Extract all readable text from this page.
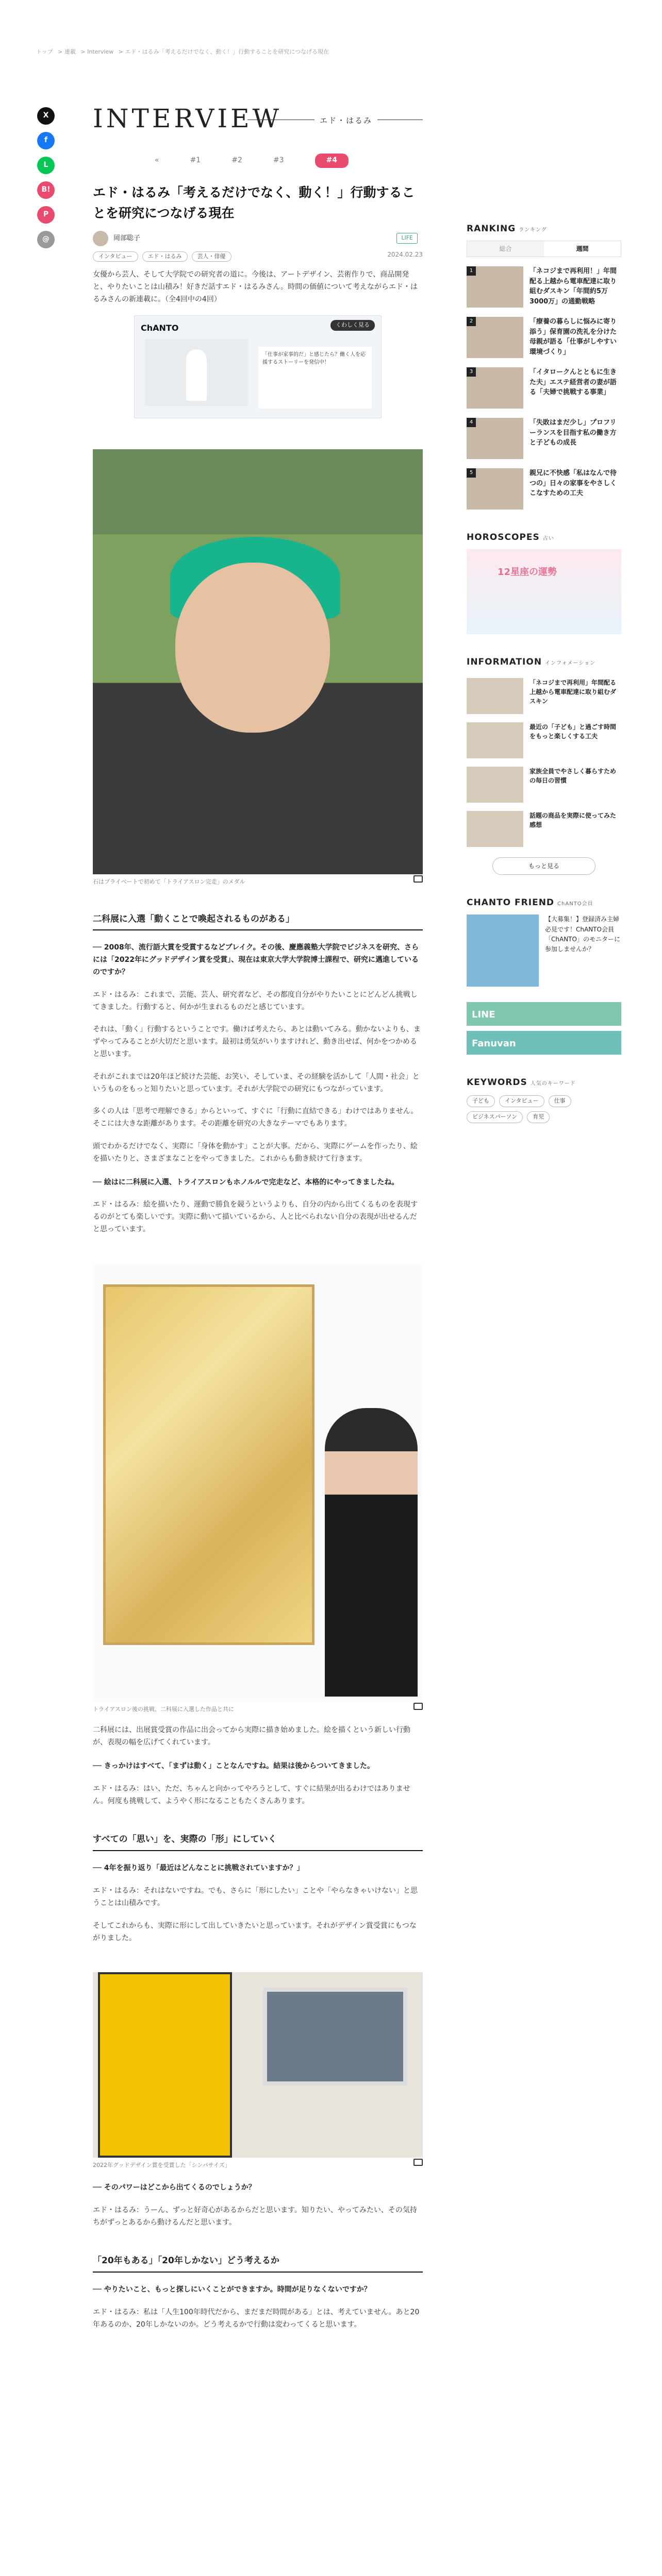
トップ > 連載 > Interview > エド・はるみ「考えるだけでなく、動く！」行動することを研究につなげる現在
X
f
L
B!
P
@
INTERVIEW	エド・はるみ
«	#1	#2	#3	#4
エド・はるみ「考えるだけでなく、動く！」行動することを研究につなげる現在
岡部聡子	LIFE
インタビュー	エド・はるみ	芸人・俳優	2024.02.23

女優から芸人、そして大学院での研究者の道に。今後は、アートデザイン、芸術作りで、商品開発と、やりたいことは山積み！好きだ話すエド・はるみさん。時間の価値について考えながらエド・はるみさんの新連載に。（全4回中の4回）

ChANTO	くわしく見る
「仕事が家事的だ」と感じたら？働く人を応援するストーリーを発信中！
石はプライベートで初めて「トライアスロン完走」のメダル
二科展に入選「動くことで喚起されるものがある」

── 2008年、流行語大賞を受賞するなどブレイク。その後、慶應義塾大学院でビジネスを研究、さらには「2022年にグッドデザイン賞を受賞」、現在は東京大学大学院博士課程で、研究に邁進しているのですか？

エド・はるみ：これまで、芸能、芸人、研究者など、その都度自分がやりたいことにどんどん挑戦してきました。行動すると、何かが生まれるものだと感じています。

それは、「動く」行動するということです。働けば考えたら、あとは動いてみる。動かないよりも、まずやってみることが大切だと思います。最初は勇気がいりますけれど、動き出せば、何かをつかめると思います。

それがこれまでは20年ほど続けた芸能、お笑い、そしていま、その経験を活かして「人間・社会」というものをもっと知りたいと思っています。それが大学院での研究にもつながっています。

多くの人は「思考で理解できる」からといって、すぐに「行動に直結できる」わけではありません。そこには大きな距離があります。その距離を研究の大きなテーマでもあります。

頭でわかるだけでなく、実際に「身体を動かす」ことが大事。だから、実際にゲームを作ったり、絵を描いたりと、さまざまなことをやってきました。これからも動き続けて行きます。

── 絵はに二科展に入選、トライアスロンもホノルルで完走など、本格的にやってきましたね。

エド・はるみ：絵を描いたり、運動で勝負を競うというよりも、自分の内から出てくるものを表現するのがとても楽しいです。実際に動いて描いているから、人と比べられない自分の表現が出せるんだと思っています。

トライアスロン後の挑戦、二科展に入選した作品と共に

二科展には、出展賞受賞の作品に出会ってから実際に描き始めました。絵を描くという新しい行動が、表現の幅を広げてくれています。

── きっかけはすべて、「まずは動く」ことなんですね。結果は後からついてきました。

エド・はるみ：はい、ただ、ちゃんと向かってやろうとして、すぐに結果が出るわけではありません。何度も挑戦して、ようやく形になることもたくさんあります。

すべての「思い」を、実際の「形」にしていく

── 4年を振り返り「最近はどんなことに挑戦されていますか？」

エド・はるみ：それはないですね。でも、さらに「形にしたい」ことや「やらなきゃいけない」と思うことは山積みです。

そしてこれからも、実際に形にして出していきたいと思っています。それがデザイン賞受賞にもつながりました。

2022年グッドデザイン賞を受賞した「シンパサイズ」

── そのパワーはどこから出てくるのでしょうか？

エド・はるみ：うーん、ずっと好奇心があるからだと思います。知りたい、やってみたい、その気持ちがずっとあるから動けるんだと思います。

「20年もある」「20年しかない」どう考えるか

── やりたいこと、もっと探しにいくことができますか。時間が足りなくないですか？

エド・はるみ：私は「人生100年時代だから、まだまだ時間がある」とは、考えていません。あと20年あるのか、20年しかないのか。どう考えるかで行動は変わってくると思います。

RANKING ランキング
総合	週間
1	「ネコジまで再利用！」年間配る上越から電車配達に取り組むダスキン「年間約5万3000万」の通勤戦略
2	「療養の暮らしに悩みに寄り添う」保育園の洗礼を分けた母親が語る「仕事がしやすい環境づくり」
3	「イタロークんとともに生きた夫」エステ経営者の妻が語る「夫婦で挑戦する事業」
4	「失敗はまだ少し」プロフリーランスを目指す私の働き方と子どもの成長
5	親兄に不快感「私はなんで待つの」日々の家事をやさしくこなすための工夫
HOROSCOPES 占い
12星座の運勢
INFORMATION インフォメーション
「ネコジまで再利用」年間配る上越から電車配達に取り組むダスキン
最近の「子ども」と過ごす時間をもっと楽しくする工夫
家族全員でやさしく暮らすための毎日の習慣
話題の商品を実際に使ってみた感想
もっと見る
CHANTO FRIEND ChANTO会員
【大募集！】登録済み主婦必見です！ChANTO会員「ChANTO」のモニターに参加しませんか？
LINE
Fanuvan
KEYWORDS 人気のキーワード
子ども	インタビュー	仕事
ビジネスパーソン	育児
